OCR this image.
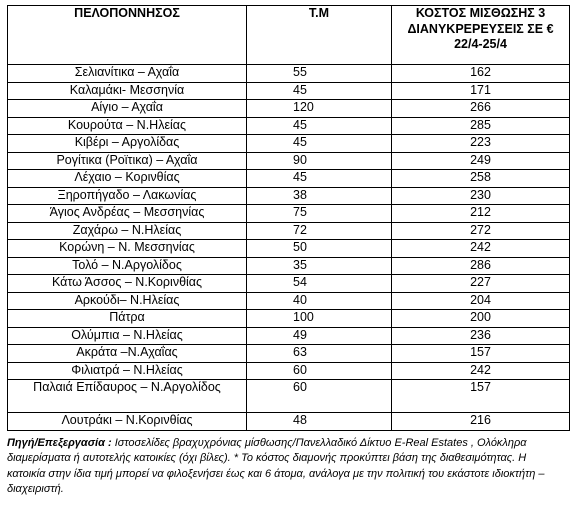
ΠΕΛΟΠΟΝΝΗΣΟΣ	Τ.Μ	ΚΟΣΤΟΣ ΜΙΣΘΩΣΗΣ 3 ΔΙΑΝΥΚΡΕΡΕΥΣΕΙΣ ΣΕ €
22/4-25/4
Σελιανίτικα – Αχαΐα	55	162
Καλαμάκι- Μεσσηνία	45	171
Αίγιο – Αχαΐα	120	266
Κουρούτα – Ν.Ηλείας	45	285
Κιβέρι – Αργολίδας	45	223
Ρογίτικα (Ροϊτικα) – Αχαΐα	90	249
Λέχαιο – Κορινθίας	45	258
Ξηροπήγαδο – Λακωνίας	38	230
Άγιος Ανδρέας – Μεσσηνίας	75	212
Ζαχάρω – Ν.Ηλείας	72	272
Κορώνη – Ν. Μεσσηνίας	50	242
Τολό – Ν.Αργολίδος	35	286
Κάτω Άσσος – Ν.Κορινθίας	54	227
Αρκούδι– Ν.Ηλείας	40	204
Πάτρα	100	200
Ολύμπια – Ν.Ηλείας	49	236
Ακράτα –Ν.Αχαΐας	63	157
Φιλιατρά – Ν.Ηλείας	60	242
Παλαιά Επίδαυρος – Ν.Αργολίδος	60	157
Λουτράκι – Ν.Κορινθίας	48	216
Πηγή/Επεξεργασία : Ιστοσελίδες βραχυχρόνιας μίσθωσης/Πανελλαδικό Δίκτυο E-Real Estates , Ολόκληρα διαμερίσματα ή αυτοτελής κατοικίες (όχι βίλες). * Το κόστος διαμονής προκύπτει βάση της διαθεσιμότητας. Η κατοικία στην ίδια τιμή μπορεί να φιλοξενήσει έως και 6 άτομα, ανάλογα με την πολιτική του εκάστοτε ιδιοκτήτη – διαχειριστή.
